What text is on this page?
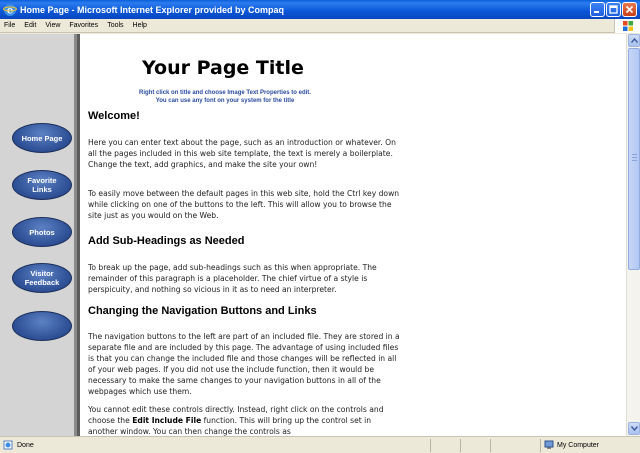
e Home Page - Microsoft Internet Explorer provided by Compaq
File Edit View Favorites Tools Help
Home Page
Favorite Links
Photos
Visitor Feedback
Your Page Title
Right click on title and choose Image Text Properties to edit.
You can use any font on your system for the title
Welcome!
Here you can enter text about the page, such as an introduction or whatever. On all the pages included in this web site template, the text is merely a boilerplate. Change the text, add graphics, and make the site your own!
To easily move between the default pages in this web site, hold the Ctrl key down while clicking on one of the buttons to the left. This will allow you to browse the site just as you would on the Web.
Add Sub-Headings as Needed
To break up the page, add sub-headings such as this when appropriate. The remainder of this paragraph is a placeholder. The chief virtue of a style is perspicuity, and nothing so vicious in it as to need an interpreter.
Changing the Navigation Buttons and Links
The navigation buttons to the left are part of an included file. They are stored in a separate file and are included by this page. The advantage of using included files is that you can change the included file and those changes will be reflected in all of your web pages. If you did not use the include function, then it would be necessary to make the same changes to your navigation buttons in all of the webpages which use them.
You cannot edit these controls directly. Instead, right click on the controls and choose the Edit Include File function. This will bring up the control set in another window. You can then change the controls as
Done	My Computer
